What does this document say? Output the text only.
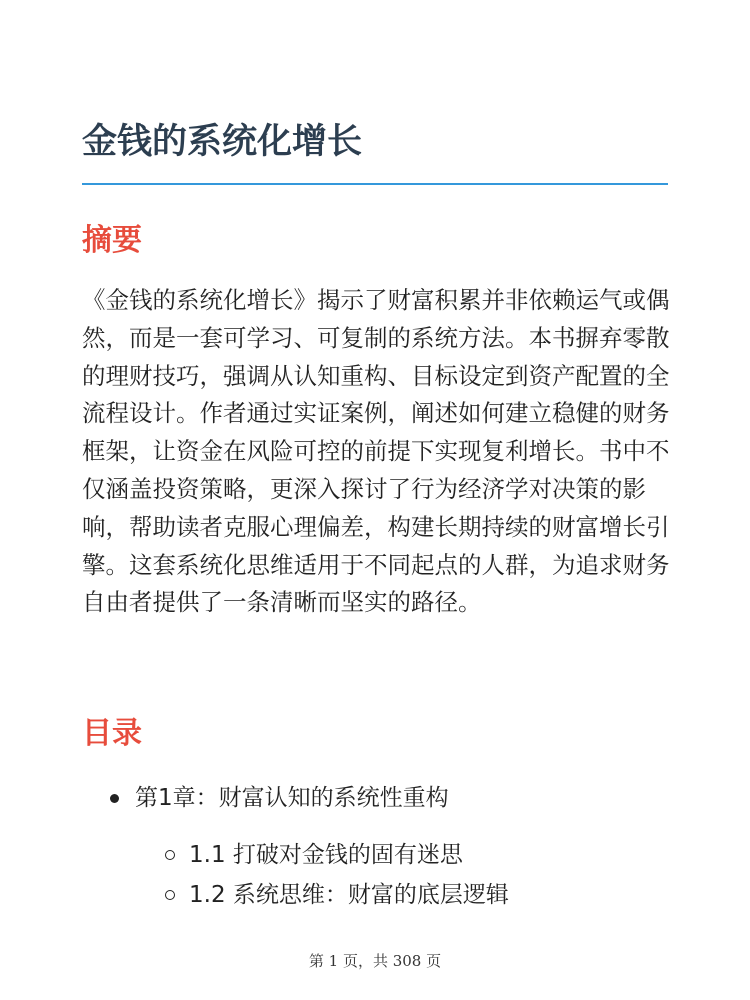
金钱的系统化增长
摘要

《金钱的系统化增长》揭示了财富积累并非依赖运气或偶然，而是一套可学习、可复制的系统方法。本书摒弃零散的理财技巧，强调从认知重构、目标设定到资产配置的全流程设计。作者通过实证案例，阐述如何建立稳健的财务框架，让资金在风险可控的前提下实现复利增长。书中不仅涵盖投资策略，更深入探讨了行为经济学对决策的影响，帮助读者克服心理偏差，构建长期持续的财富增长引擎。这套系统化思维适用于不同起点的人群，为追求财务自由者提供了一条清晰而坚实的路径。

目录
第1章：财富认知的系统性重构
1.1 打破对金钱的固有迷思
1.2 系统思维：财富的底层逻辑
第 1 页，共 308 页
